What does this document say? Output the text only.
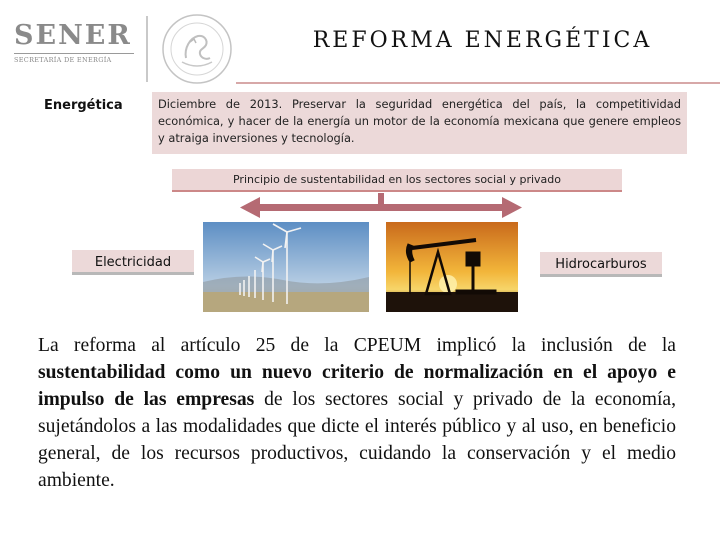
SENER
SECRETARÍA DE ENERGÍA
REFORMA ENERGÉTICA
Energética	Diciembre de 2013. Preservar la seguridad energética del país, la competitividad económica, y hacer de la energía un motor de la economía mexicana que genere empleos y atraiga inversiones y tecnología.
Principio de sustentabilidad en los sectores social y privado
Electricidad	Hidrocarburos
La reforma al artículo 25 de la CPEUM implicó la inclusión de la sustentabilidad como un nuevo criterio de normalización en el apoyo e impulso de las empresas de los sectores social y privado de la economía, sujetándolos a las modalidades que dicte el interés público y al uso, en beneficio general, de los recursos productivos, cuidando la conservación y el medio ambiente.
